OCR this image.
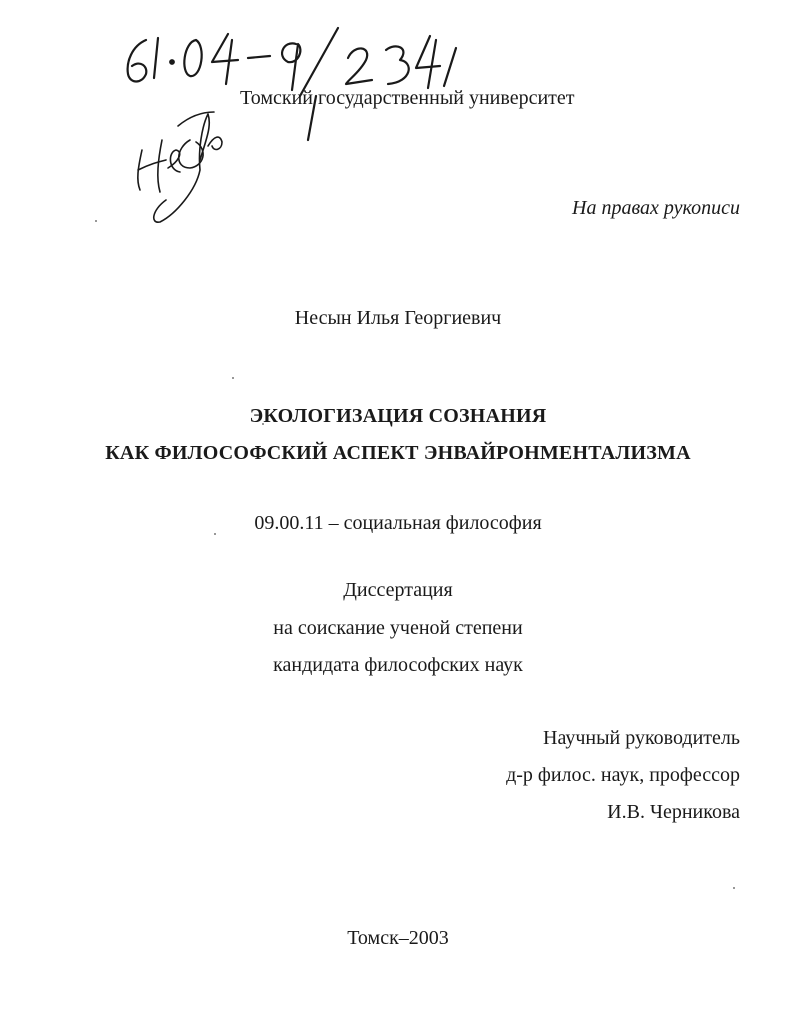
Томский государственный университет
На правах рукописи
Несын Илья Георгиевич
ЭКОЛОГИЗАЦИЯ СОЗНАНИЯ
КАК ФИЛОСОФСКИЙ АСПЕКТ ЭНВАЙРОНМЕНТАЛИЗМА
09.00.11 – социальная философия
Диссертация
на соискание ученой степени
кандидата философских наук
Научный руководитель
д-р филос. наук, профессор
И.В. Черникова
Томск–2003
